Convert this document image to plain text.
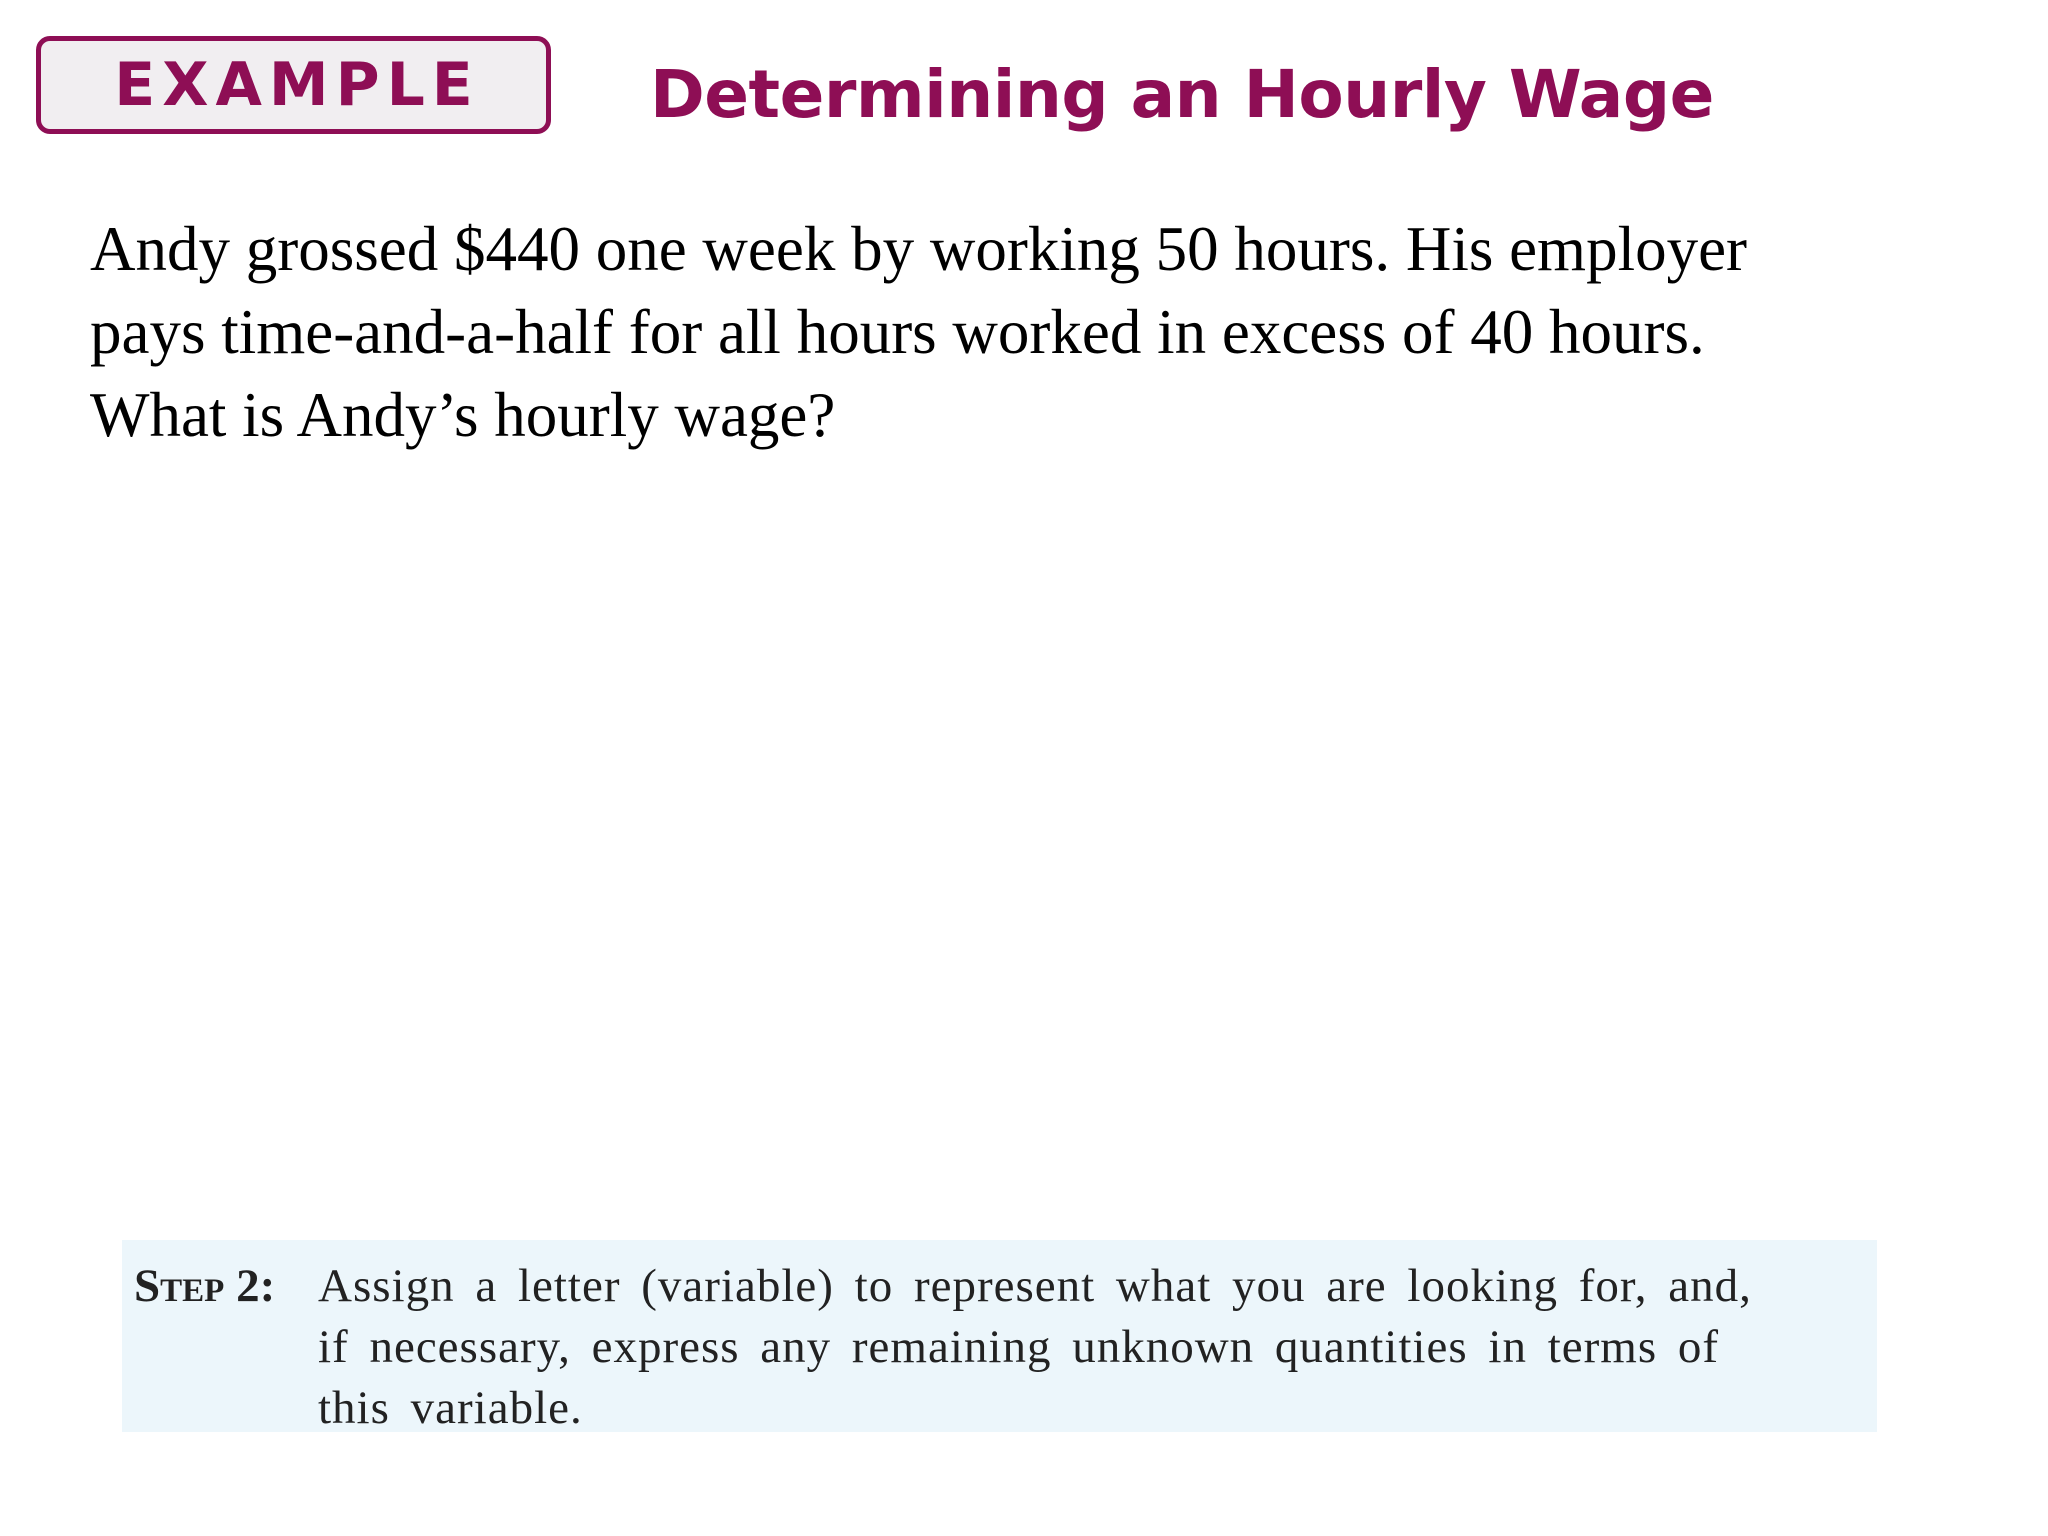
EXAMPLE	Determining an Hourly Wage
Andy grossed $440 one week by working 50 hours. His employer
pays time-and-a-half for all hours worked in excess of 40 hours.
What is Andy’s hourly wage?
Step 2: Assign a letter (variable) to represent what you are looking for, and,
if necessary, express any remaining unknown quantities in terms of
this variable.
